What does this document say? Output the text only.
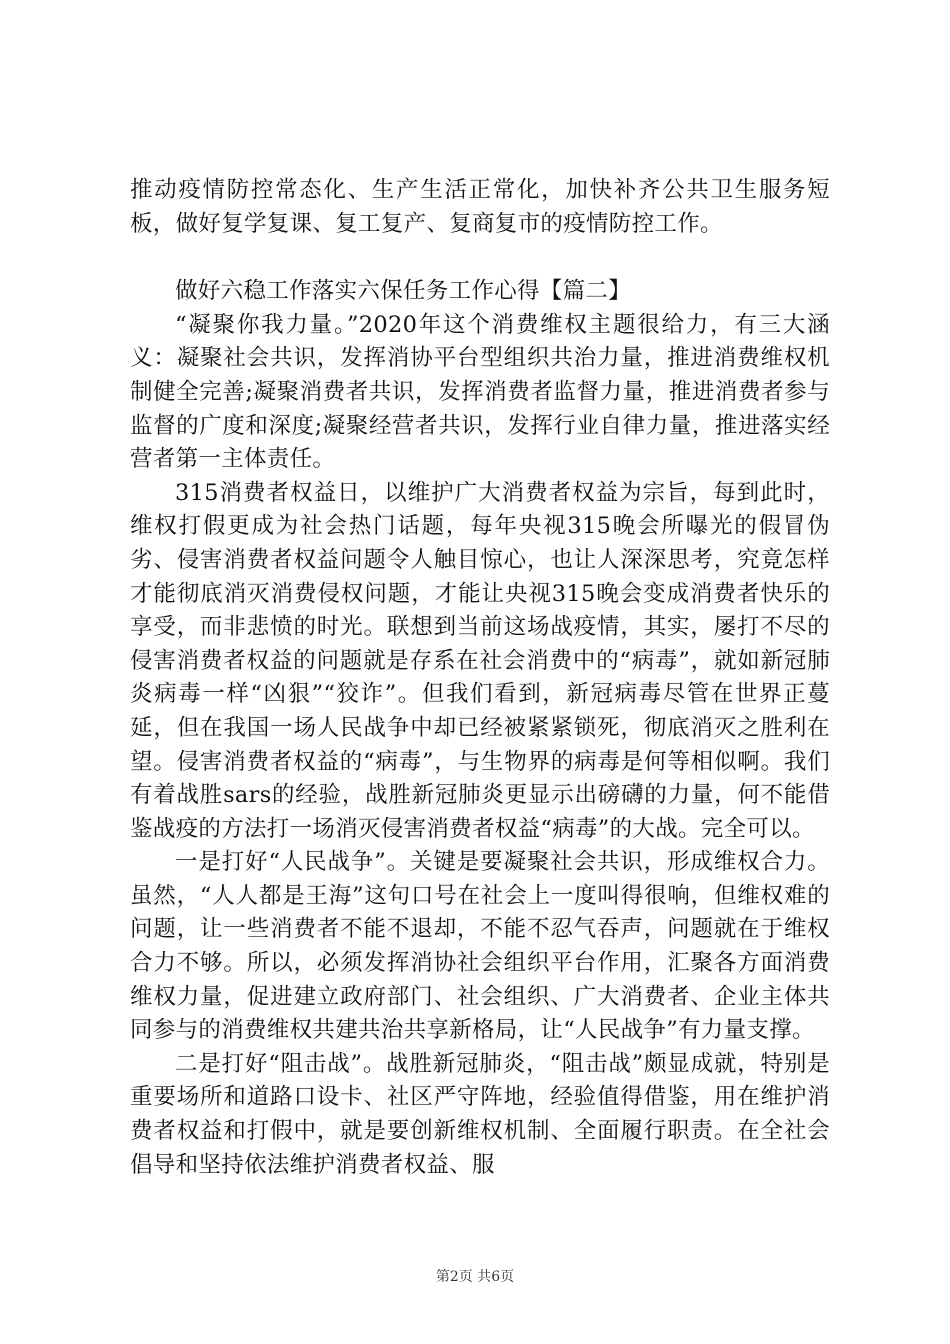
推动疫情防控常态化、生产生活正常化，加快补齐公共卫生服务短板，做好复学复课、复工复产、复商复市的疫情防控工作。

做好六稳工作落实六保任务工作心得【篇二】

“凝聚你我力量。”2020年这个消费维权主题很给力，有三大涵义：凝聚社会共识，发挥消协平台型组织共治力量，推进消费维权机制健全完善;凝聚消费者共识，发挥消费者监督力量，推进消费者参与监督的广度和深度;凝聚经营者共识，发挥行业自律力量，推进落实经营者第一主体责任。

315消费者权益日，以维护广大消费者权益为宗旨，每到此时，维权打假更成为社会热门话题，每年央视315晚会所曝光的假冒伪劣、侵害消费者权益问题令人触目惊心，也让人深深思考，究竟怎样才能彻底消灭消费侵权问题，才能让央视315晚会变成消费者快乐的享受，而非悲愤的时光。联想到当前这场战疫情，其实，屡打不尽的侵害消费者权益的问题就是存系在社会消费中的“病毒”，就如新冠肺炎病毒一样“凶狠”“狡诈”。但我们看到，新冠病毒尽管在世界正蔓延，但在我国一场人民战争中却已经被紧紧锁死，彻底消灭之胜利在望。侵害消费者权益的“病毒”，与生物界的病毒是何等相似啊。我们有着战胜sars的经验，战胜新冠肺炎更显示出磅礴的力量，何不能借鉴战疫的方法打一场消灭侵害消费者权益“病毒”的大战。完全可以。

一是打好“人民战争”。关键是要凝聚社会共识，形成维权合力。虽然，“人人都是王海”这句口号在社会上一度叫得很响，但维权难的问题，让一些消费者不能不退却，不能不忍气吞声，问题就在于维权合力不够。所以，必须发挥消协社会组织平台作用，汇聚各方面消费维权力量，促进建立政府部门、社会组织、广大消费者、企业主体共同参与的消费维权共建共治共享新格局，让“人民战争”有力量支撑。

二是打好“阻击战”。战胜新冠肺炎，“阻击战”颇显成就，特别是重要场所和道路口设卡、社区严守阵地，经验值得借鉴，用在维护消费者权益和打假中，就是要创新维权机制、全面履行职责。在全社会倡导和坚持依法维护消费者权益、服

第2页 共6页
